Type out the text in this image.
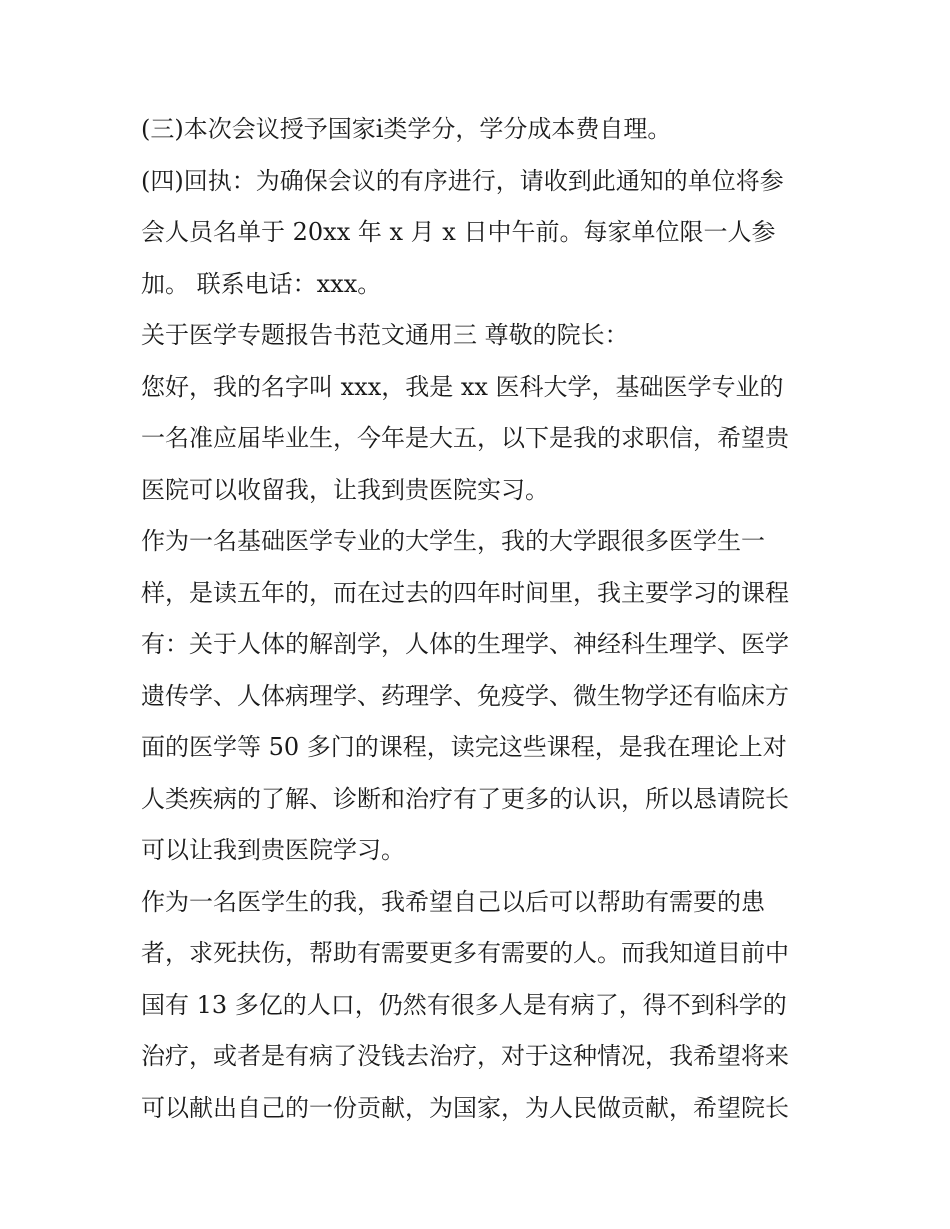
(三)本次会议授予国家ⅰ类学分，学分成本费自理。
(四)回执：为确保会议的有序进行，请收到此通知的单位将参
会人员名单于 20xx 年 x 月 x 日中午前。每家单位限一人参
加。 联系电话：xxx。
关于医学专题报告书范文通用三 尊敬的院长：
您好，我的名字叫 xxx，我是 xx 医科大学，基础医学专业的
一名准应届毕业生，今年是大五，以下是我的求职信，希望贵
医院可以收留我，让我到贵医院实习。
作为一名基础医学专业的大学生，我的大学跟很多医学生一
样，是读五年的，而在过去的四年时间里，我主要学习的课程
有：关于人体的解剖学，人体的生理学、神经科生理学、医学
遗传学、人体病理学、药理学、免疫学、微生物学还有临床方
面的医学等 50 多门的课程，读完这些课程，是我在理论上对
人类疾病的了解、诊断和治疗有了更多的认识，所以恳请院长
可以让我到贵医院学习。
作为一名医学生的我，我希望自己以后可以帮助有需要的患
者，求死扶伤，帮助有需要更多有需要的人。而我知道目前中
国有 13 多亿的人口，仍然有很多人是有病了，得不到科学的
治疗，或者是有病了没钱去治疗，对于这种情况，我希望将来
可以献出自己的一份贡献，为国家，为人民做贡献，希望院长
